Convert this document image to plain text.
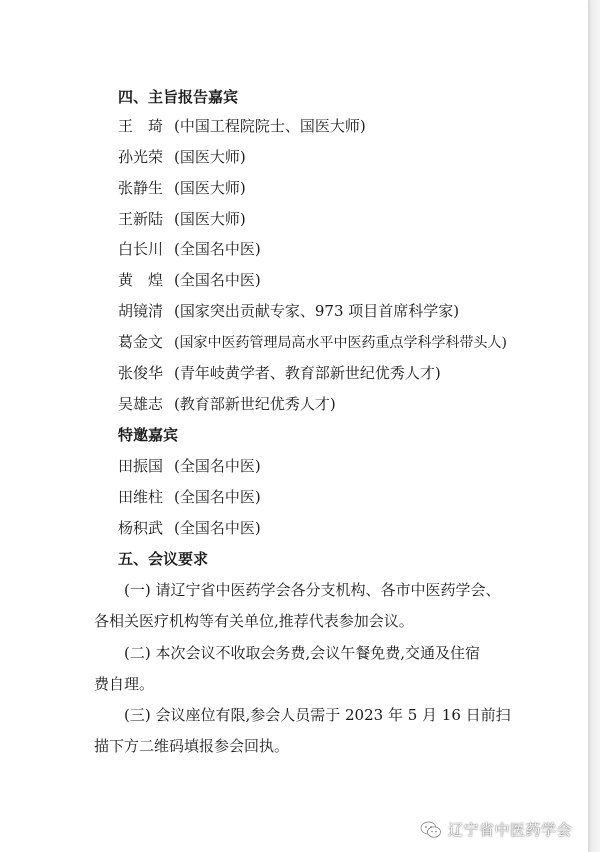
四、主旨报告嘉宾
王　琦 (中国工程院院士、国医大师)
孙光荣 (国医大师)
张静生 (国医大师)
王新陆 (国医大师)
白长川 (全国名中医)
黄　煌 (全国名中医)
胡镜清 (国家突出贡献专家、973 项目首席科学家)
葛金文 (国家中医药管理局高水平中医药重点学科学科带头人)
张俊华 (青年岐黄学者、教育部新世纪优秀人才)
吴雄志 (教育部新世纪优秀人才)
特邀嘉宾
田振国 (全国名中医)
田维柱 (全国名中医)
杨积武 (全国名中医)
五、会议要求
(一) 请辽宁省中医药学会各分支机构、各市中医药学会、
各相关医疗机构等有关单位,推荐代表参加会议。
(二) 本次会议不收取会务费,会议午餐免费,交通及住宿
费自理。
(三) 会议座位有限,参会人员需于 2023 年 5 月 16 日前扫
描下方二维码填报参会回执。
辽宁省中医药学会
